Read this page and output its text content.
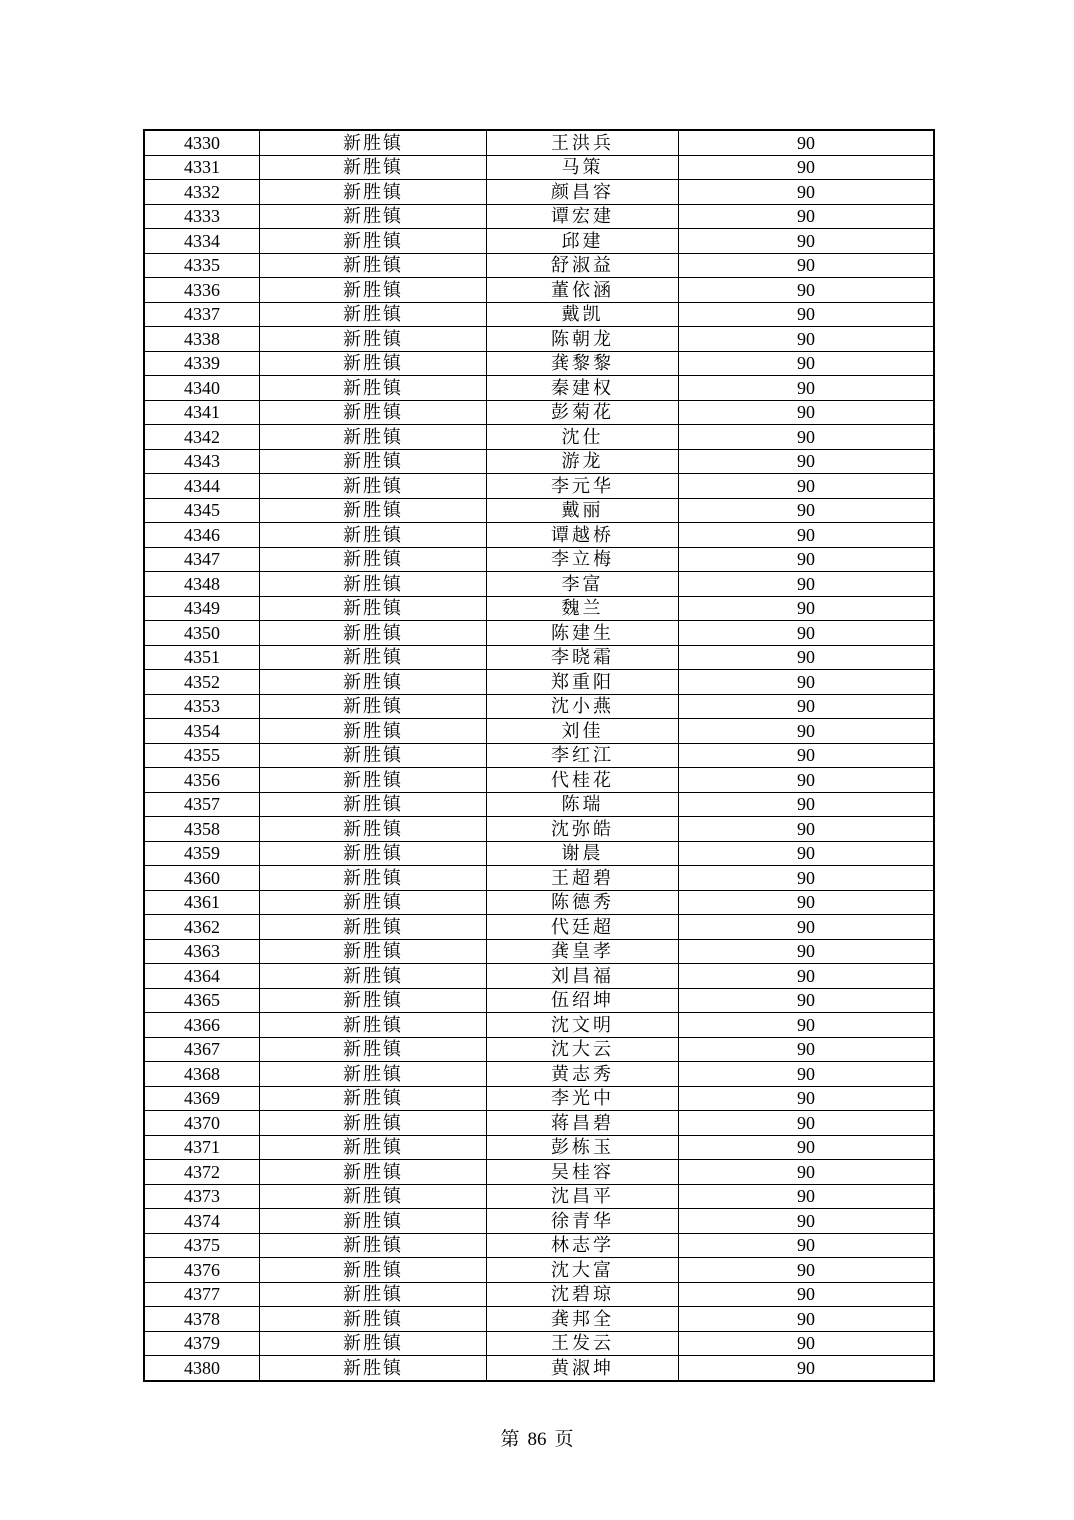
4330	新胜镇	王洪兵	90
4331	新胜镇	马策	90
4332	新胜镇	颜昌容	90
4333	新胜镇	谭宏建	90
4334	新胜镇	邱建	90
4335	新胜镇	舒淑益	90
4336	新胜镇	董依涵	90
4337	新胜镇	戴凯	90
4338	新胜镇	陈朝龙	90
4339	新胜镇	龚黎黎	90
4340	新胜镇	秦建权	90
4341	新胜镇	彭菊花	90
4342	新胜镇	沈仕	90
4343	新胜镇	游龙	90
4344	新胜镇	李元华	90
4345	新胜镇	戴丽	90
4346	新胜镇	谭越桥	90
4347	新胜镇	李立梅	90
4348	新胜镇	李富	90
4349	新胜镇	魏兰	90
4350	新胜镇	陈建生	90
4351	新胜镇	李晓霜	90
4352	新胜镇	郑重阳	90
4353	新胜镇	沈小燕	90
4354	新胜镇	刘佳	90
4355	新胜镇	李红江	90
4356	新胜镇	代桂花	90
4357	新胜镇	陈瑞	90
4358	新胜镇	沈弥皓	90
4359	新胜镇	谢晨	90
4360	新胜镇	王超碧	90
4361	新胜镇	陈德秀	90
4362	新胜镇	代廷超	90
4363	新胜镇	龚皇孝	90
4364	新胜镇	刘昌福	90
4365	新胜镇	伍绍坤	90
4366	新胜镇	沈文明	90
4367	新胜镇	沈大云	90
4368	新胜镇	黄志秀	90
4369	新胜镇	李光中	90
4370	新胜镇	蒋昌碧	90
4371	新胜镇	彭栋玉	90
4372	新胜镇	吴桂容	90
4373	新胜镇	沈昌平	90
4374	新胜镇	徐青华	90
4375	新胜镇	林志学	90
4376	新胜镇	沈大富	90
4377	新胜镇	沈碧琼	90
4378	新胜镇	龚邦全	90
4379	新胜镇	王发云	90
4380	新胜镇	黄淑坤	90
第 86 页
